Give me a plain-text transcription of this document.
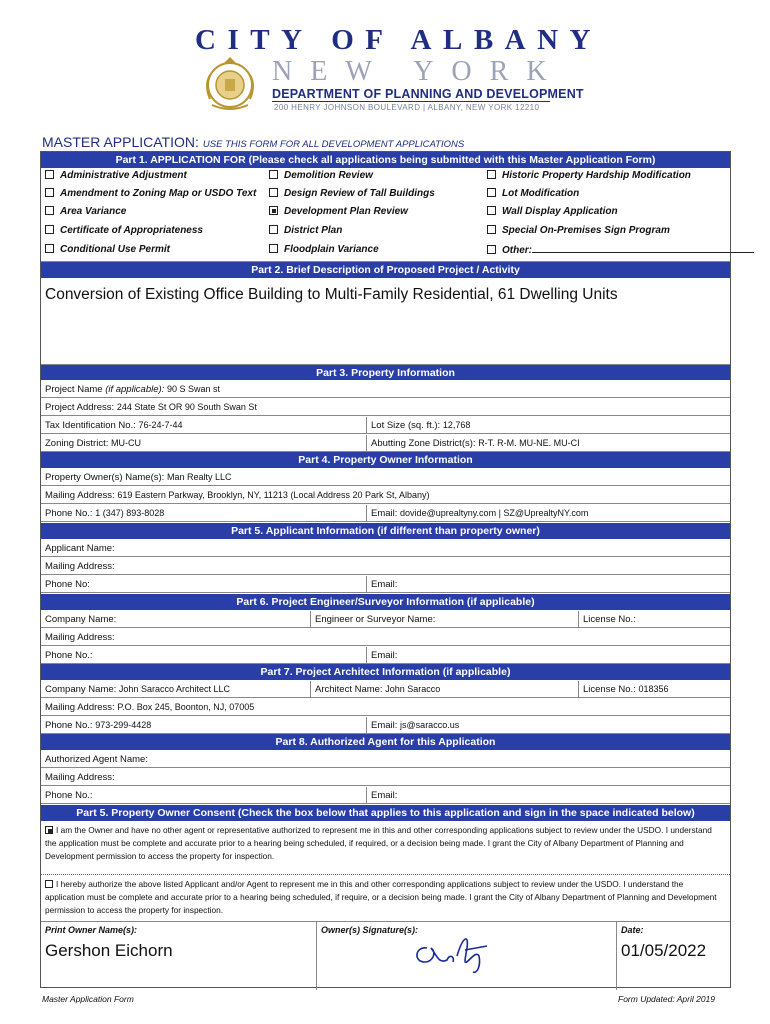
CITY OF ALBANY
NEW YORK
DEPARTMENT OF PLANNING AND DEVELOPMENT
200 HENRY JOHNSON BOULEVARD | ALBANY, NEW YORK 12210
MASTER APPLICATION: USE THIS FORM FOR ALL DEVELOPMENT APPLICATIONS
Part 1. APPLICATION FOR (Please check all applications being submitted with this Master Application Form)
Administrative Adjustment	Demolition Review	Historic Property Hardship Modification
Amendment to Zoning Map or USDO Text	Design Review of Tall Buildings	Lot Modification
Area Variance	Development Plan Review	Wall Display Application
Certificate of Appropriateness	District Plan	Special On-Premises Sign Program
Conditional Use Permit	Floodplain Variance	Other:
Part 2. Brief Description of Proposed Project / Activity
Conversion of Existing Office Building to Multi-Family Residential, 61 Dwelling Units
Part 3. Property Information
Project Name (if applicable): 90 S Swan st
Project Address: 244 State St OR 90 South Swan St
Tax Identification No.: 76-24-7-44	Lot Size (sq. ft.): 12,768
Zoning District: MU-CU	Abutting Zone District(s): R-T. R-M. MU-NE. MU-CI
Part 4. Property Owner Information
Property Owner(s) Name(s): Man Realty LLC
Mailing Address: 619 Eastern Parkway, Brooklyn, NY, 11213 (Local Address 20 Park St, Albany)
Phone No.: 1 (347) 893-8028	Email: dovide@uprealtyny.com | SZ@UprealtyNY.com
Part 5. Applicant Information (if different than property owner)
Applicant Name:
Mailing Address:
Phone No:	Email:
Part 6. Project Engineer/Surveyor Information (if applicable)
Company Name:	Engineer or Surveyor Name:	License No.:
Mailing Address:
Phone No.:	Email:
Part 7. Project Architect Information (if applicable)
Company Name: John Saracco Architect LLC	Architect Name: John Saracco	License No.: 018356
Mailing Address: P.O. Box 245, Boonton, NJ, 07005
Phone No.: 973-299-4428	Email: js@saracco.us
Part 8. Authorized Agent for this Application
Authorized Agent Name:
Mailing Address:
Phone No.:	Email:
Part 5. Property Owner Consent (Check the box below that applies to this application and sign in the space indicated below)
I am the Owner and have no other agent or representative authorized to represent me in this and other corresponding applications subject to review under the USDO. I understand the application must be complete and accurate prior to a hearing being scheduled, if required, or a decision being made. I grant the City of Albany Department of Planning and Development permission to access the property for inspection.
I hereby authorize the above listed Applicant and/or Agent to represent me in this and other corresponding applications subject to review under the USDO. I understand the application must be complete and accurate prior to a hearing being scheduled, if require, or a decision being made. I grant the City of Albany Department of Planning and Development permission to access the property for inspection.
Print Owner Name(s):
Gershon Eichorn
Owner(s) Signature(s):	Date:
01/05/2022
Master Application Form	Form Updated: April 2019
